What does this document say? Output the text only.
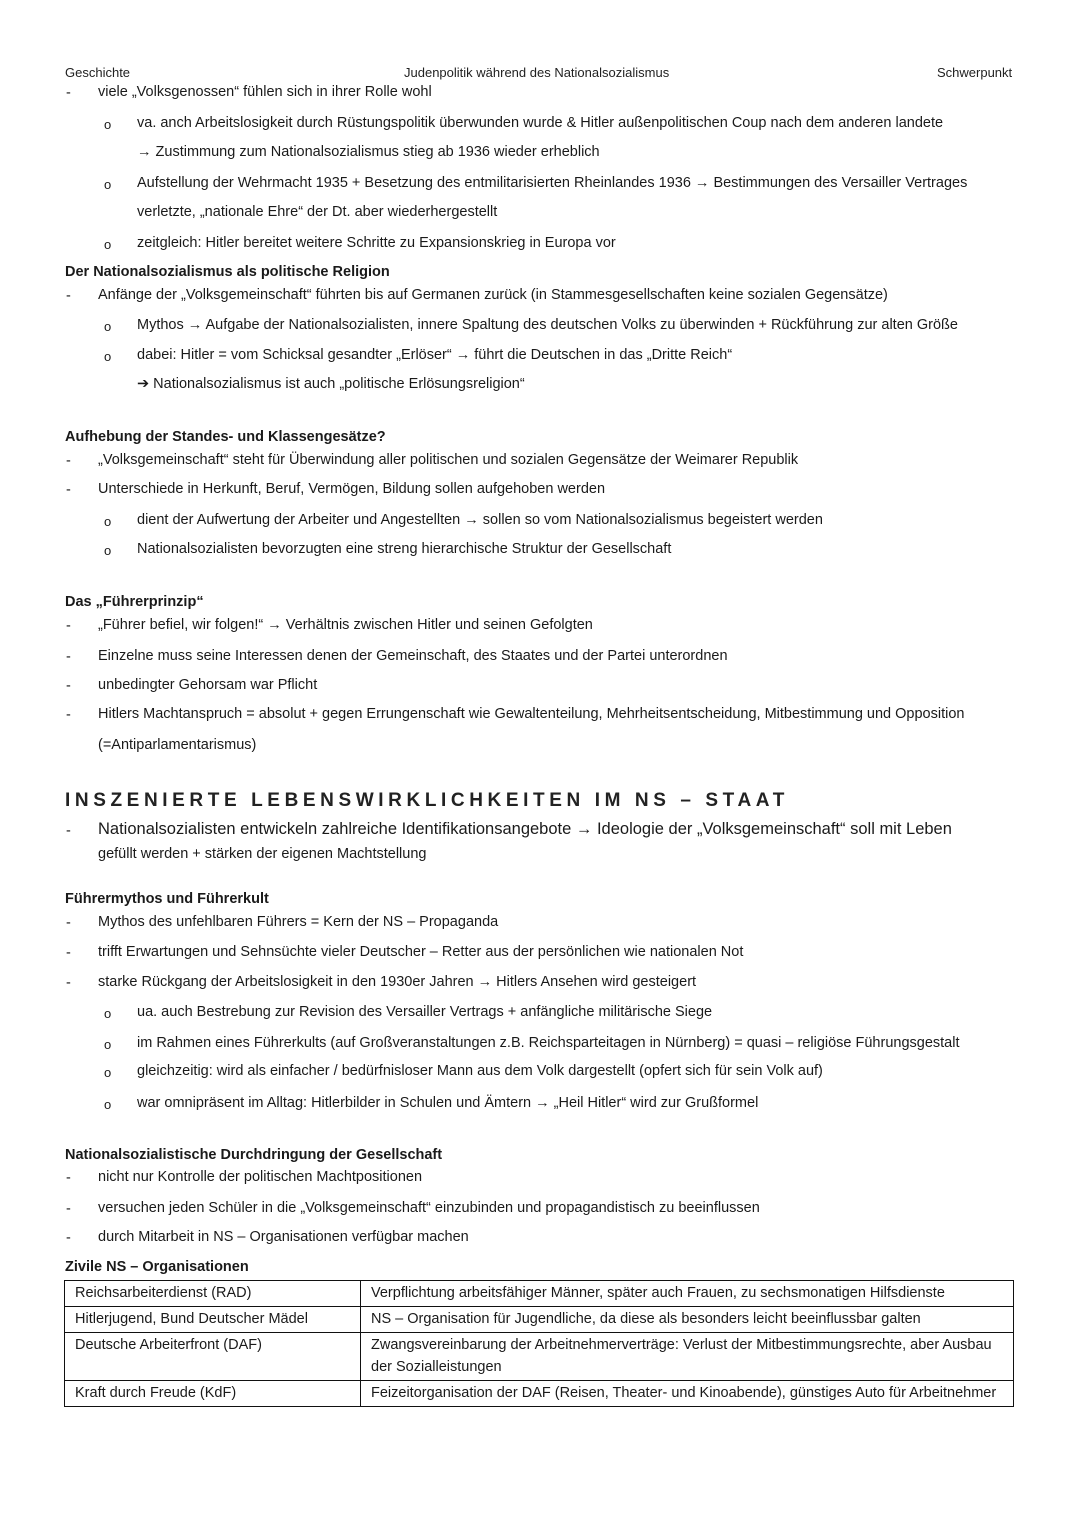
Geschichte	Judenpolitik während des Nationalsozialismus	Schwerpunkt
- viele „Volksgenossen“ fühlen sich in ihrer Rolle wohl
o va. anch Arbeitslosigkeit durch Rüstungspolitik überwunden wurde & Hitler außenpolitischen Coup nach dem anderen landete
→ Zustimmung zum Nationalsozialismus stieg ab 1936 wieder erheblich
o Aufstellung der Wehrmacht 1935 + Besetzung des entmilitarisierten Rheinlandes 1936 → Bestimmungen des Versailler Vertrages
verletzte, „nationale Ehre“ der Dt. aber wiederhergestellt
o zeitgleich: Hitler bereitet weitere Schritte zu Expansionskrieg in Europa vor
Der Nationalsozialismus als politische Religion
- Anfänge der „Volksgemeinschaft“ führten bis auf Germanen zurück (in Stammesgesellschaften keine sozialen Gegensätze)
o Mythos → Aufgabe der Nationalsozialisten, innere Spaltung des deutschen Volks zu überwinden + Rückführung zur alten Größe
o dabei: Hitler = vom Schicksal gesandter „Erlöser“ → führt die Deutschen in das „Dritte Reich“
➔ Nationalsozialismus ist auch „politische Erlösungsreligion“
Aufhebung der Standes- und Klassengesätze?
- „Volksgemeinschaft“ steht für Überwindung aller politischen und sozialen Gegensätze der Weimarer Republik
- Unterschiede in Herkunft, Beruf, Vermögen, Bildung sollen aufgehoben werden
o dient der Aufwertung der Arbeiter und Angestellten → sollen so vom Nationalsozialismus begeistert werden
o Nationalsozialisten bevorzugten eine streng hierarchische Struktur der Gesellschaft
Das „Führerprinzip“
- „Führer befiel, wir folgen!“ → Verhältnis zwischen Hitler und seinen Gefolgten
- Einzelne muss seine Interessen denen der Gemeinschaft, des Staates und der Partei unterordnen
- unbedingter Gehorsam war Pflicht
- Hitlers Machtanspruch = absolut + gegen Errungenschaft wie Gewaltenteilung, Mehrheitsentscheidung, Mitbestimmung und Opposition
(=Antiparlamentarismus)
INSZENIERTE LEBENSWIRKLICHKEITEN IM NS – STAAT
- Nationalsozialisten entwickeln zahlreiche Identifikationsangebote → Ideologie der „Volksgemeinschaft“ soll mit Leben
gefüllt werden + stärken der eigenen Machtstellung
Führermythos und Führerkult
- Mythos des unfehlbaren Führers = Kern der NS – Propaganda
- trifft Erwartungen und Sehnsüchte vieler Deutscher – Retter aus der persönlichen wie nationalen Not
- starke Rückgang der Arbeitslosigkeit in den 1930er Jahren → Hitlers Ansehen wird gesteigert
o ua. auch Bestrebung zur Revision des Versailler Vertrags + anfängliche militärische Siege
o im Rahmen eines Führerkults (auf Großveranstaltungen z.B. Reichsparteitagen in Nürnberg) = quasi – religiöse Führungsgestalt
o gleichzeitig: wird als einfacher / bedürfnisloser Mann aus dem Volk dargestellt (opfert sich für sein Volk auf)
o war omnipräsent im Alltag: Hitlerbilder in Schulen und Ämtern → „Heil Hitler“ wird zur Grußformel
Nationalsozialistische Durchdringung der Gesellschaft
- nicht nur Kontrolle der politischen Machtpositionen
- versuchen jeden Schüler in die „Volksgemeinschaft“ einzubinden und propagandistisch zu beeinflussen
- durch Mitarbeit in NS – Organisationen verfügbar machen
Zivile NS – Organisationen
Reichsarbeiterdienst (RAD)	Verpflichtung arbeitsfähiger Männer, später auch Frauen, zu sechsmonatigen Hilfsdienste
Hitlerjugend, Bund Deutscher Mädel	NS – Organisation für Jugendliche, da diese als besonders leicht beeinflussbar galten
Deutsche Arbeiterfront (DAF)	Zwangsvereinbarung der Arbeitnehmerverträge: Verlust der Mitbestimmungsrechte, aber Ausbau der Sozialleistungen
Kraft durch Freude (KdF)	Feizeitorganisation der DAF (Reisen, Theater- und Kinoabende), günstiges Auto für Arbeitnehmer
